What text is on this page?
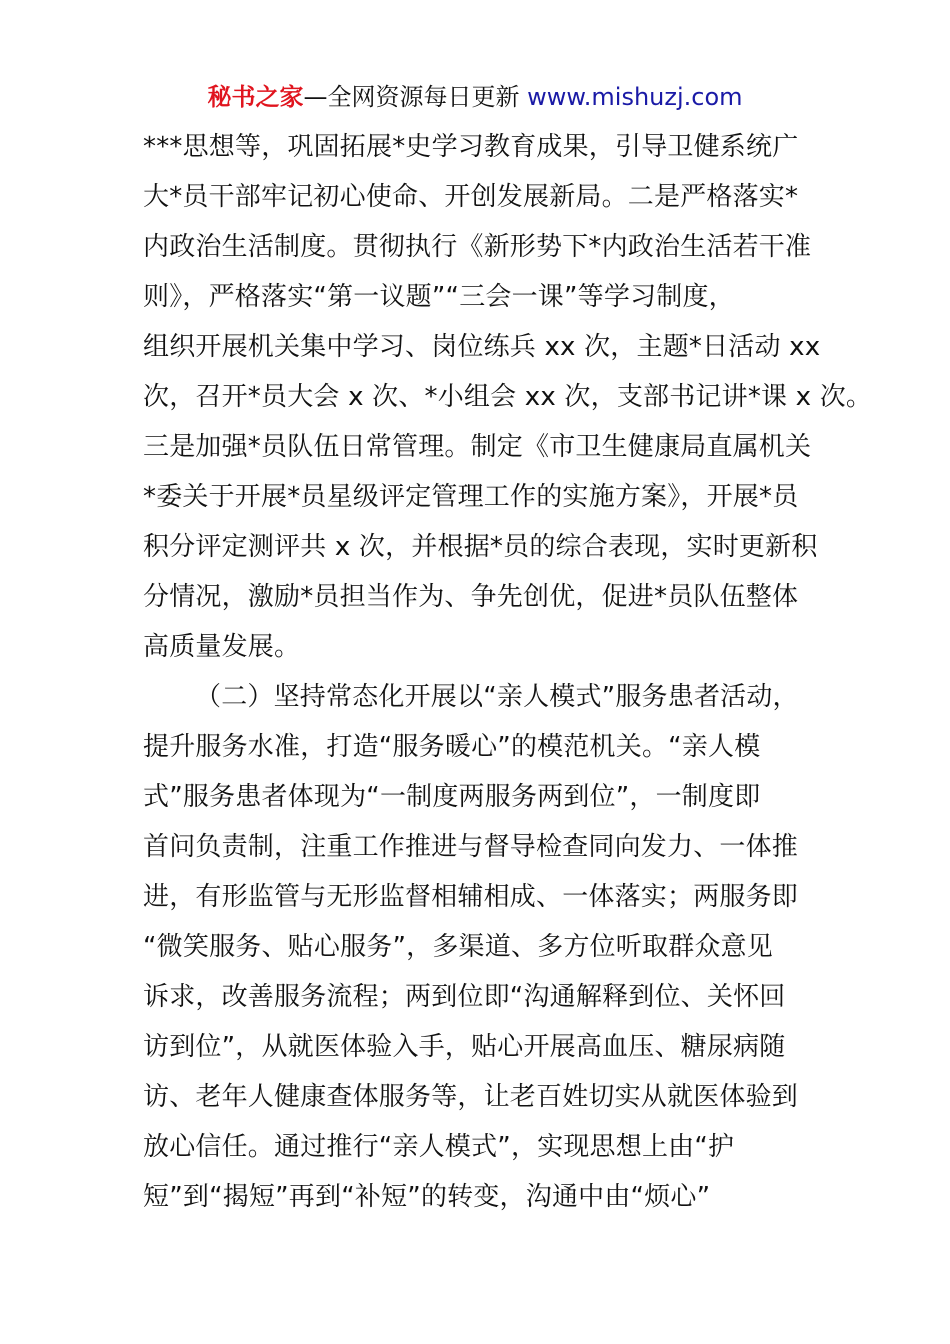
秘书之家—全网资源每日更新 www.mishuzj.com
***思想等，巩固拓展*史学习教育成果，引导卫健系统广
大*员干部牢记初心使命、开创发展新局。二是严格落实*
内政治生活制度。贯彻执行《新形势下*内政治生活若干准
则》，严格落实“第一议题”“三会一课”等学习制度，
组织开展机关集中学习、岗位练兵 xx 次，主题*日活动 xx
次，召开*员大会 x 次、*小组会 xx 次，支部书记讲*课 x 次。
三是加强*员队伍日常管理。制定《市卫生健康局直属机关
*委关于开展*员星级评定管理工作的实施方案》，开展*员
积分评定测评共 x 次，并根据*员的综合表现，实时更新积
分情况，激励*员担当作为、争先创优，促进*员队伍整体
高质量发展。
（二）坚持常态化开展以“亲人模式”服务患者活动，
提升服务水准，打造“服务暖心”的模范机关。“亲人模
式”服务患者体现为“一制度两服务两到位”，一制度即
首问负责制，注重工作推进与督导检查同向发力、一体推
进，有形监管与无形监督相辅相成、一体落实；两服务即
“微笑服务、贴心服务”，多渠道、多方位听取群众意见
诉求，改善服务流程；两到位即“沟通解释到位、关怀回
访到位”，从就医体验入手，贴心开展高血压、糖尿病随
访、老年人健康查体服务等，让老百姓切实从就医体验到
放心信任。通过推行“亲人模式”，实现思想上由“护
短”到“揭短”再到“补短”的转变，沟通中由“烦心”
